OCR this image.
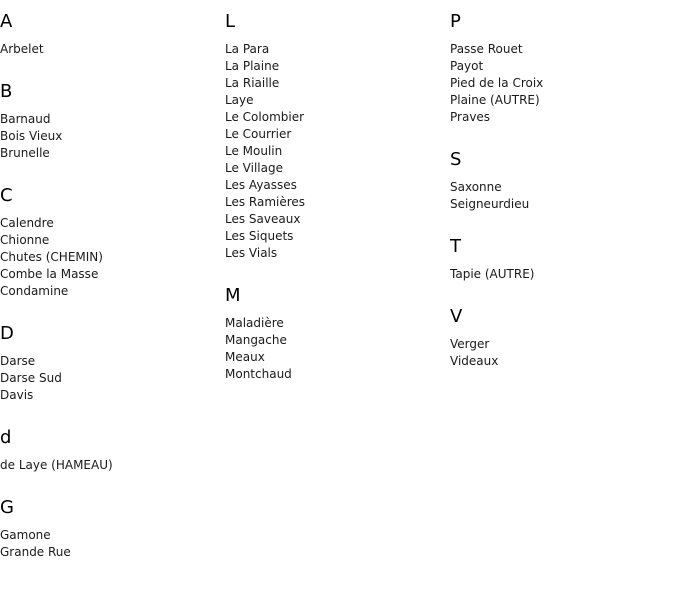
A
Arbelet
B
Barnaud
Bois Vieux
Brunelle
C
Calendre
Chionne
Chutes (CHEMIN)
Combe la Masse
Condamine
D
Darse
Darse Sud
Davis
d
de Laye (HAMEAU)
G
Gamone
Grande Rue
L
La Para
La Plaine
La Riaille
Laye
Le Colombier
Le Courrier
Le Moulin
Le Village
Les Ayasses
Les Ramières
Les Saveaux
Les Siquets
Les Vials
M
Maladière
Mangache
Meaux
Montchaud
P
Passe Rouet
Payot
Pied de la Croix
Plaine (AUTRE)
Praves
S
Saxonne
Seigneurdieu
T
Tapie (AUTRE)
V
Verger
Videaux
